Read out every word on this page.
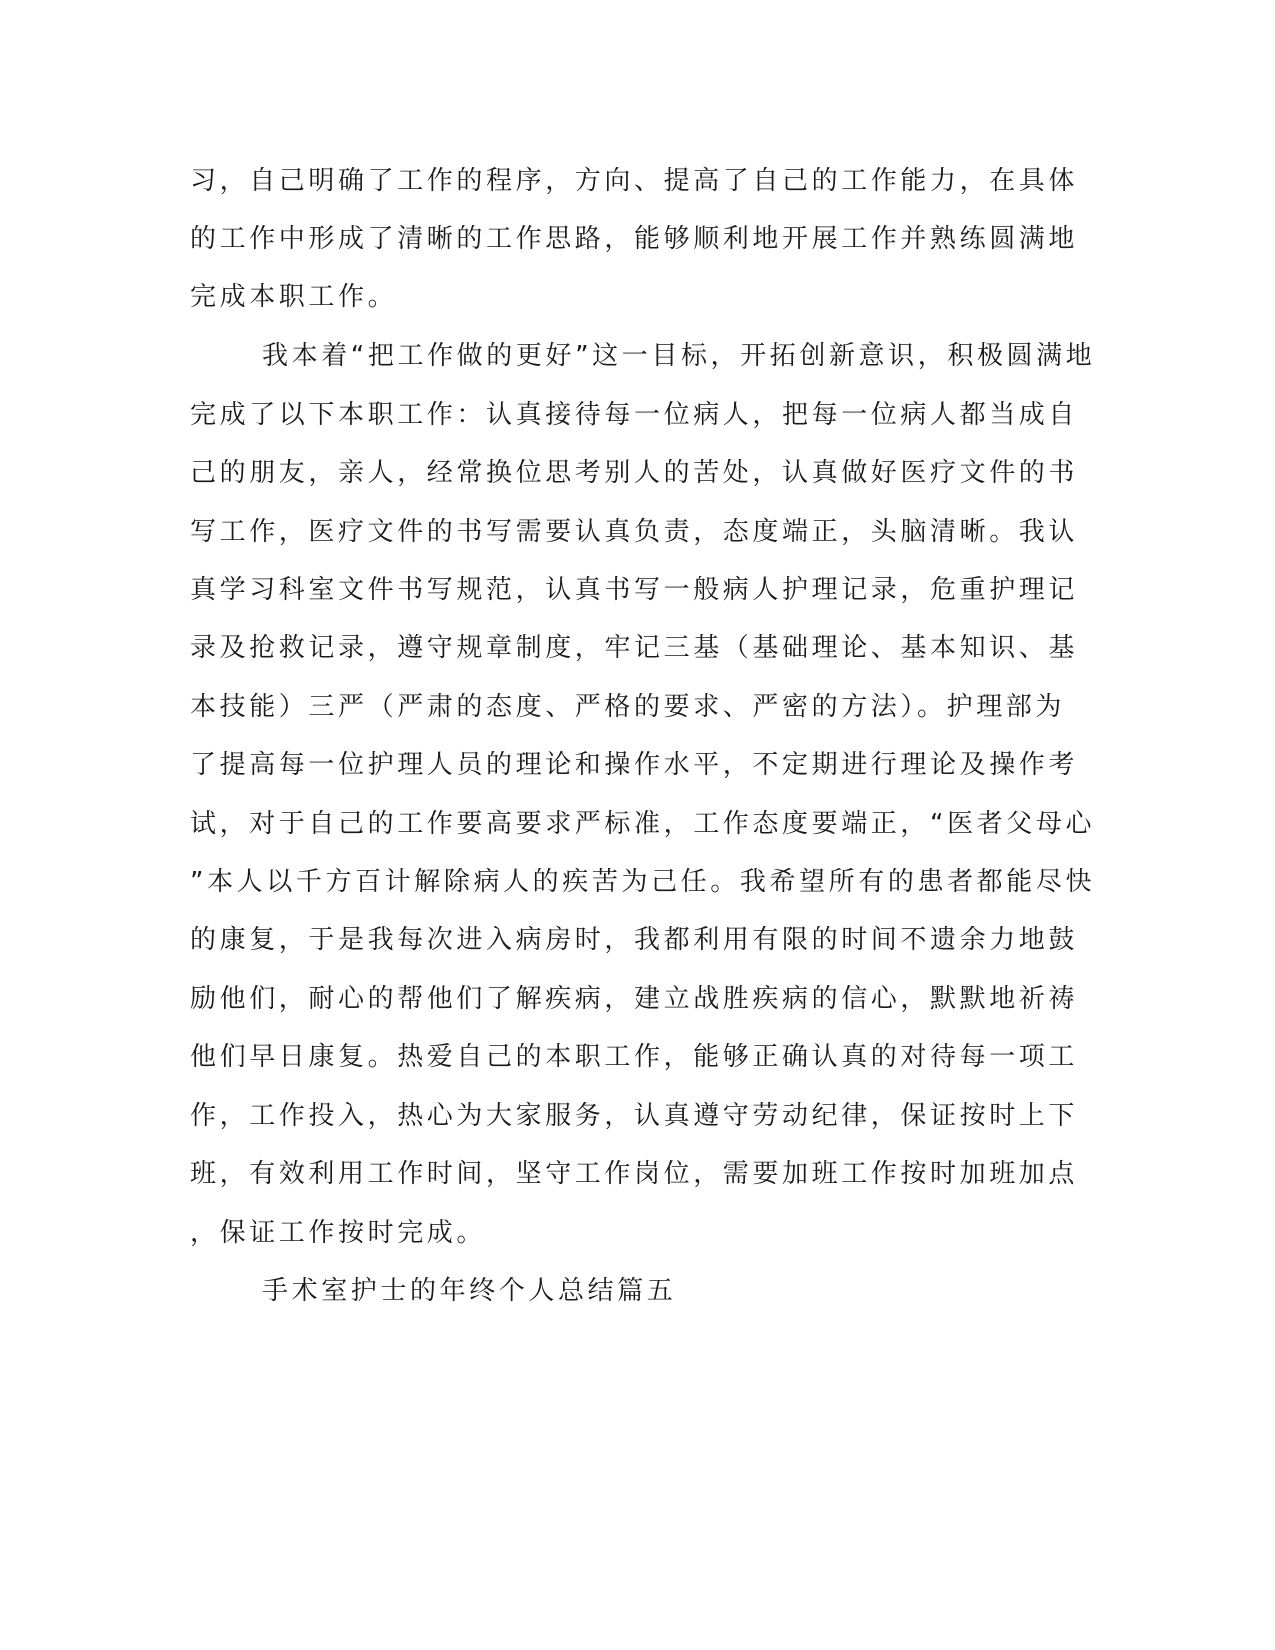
习，自己明确了工作的程序，方向、提高了自己的工作能力，在具体
的工作中形成了清晰的工作思路，能够顺利地开展工作并熟练圆满地
完成本职工作。
我本着“把工作做的更好”这一目标，开拓创新意识，积极圆满地
完成了以下本职工作：认真接待每一位病人，把每一位病人都当成自
己的朋友，亲人，经常换位思考别人的苦处，认真做好医疗文件的书
写工作，医疗文件的书写需要认真负责，态度端正，头脑清晰。我认
真学习科室文件书写规范，认真书写一般病人护理记录，危重护理记
录及抢救记录，遵守规章制度，牢记三基（基础理论、基本知识、基
本技能）三严（严肃的态度、严格的要求、严密的方法）。护理部为
了提高每一位护理人员的理论和操作水平，不定期进行理论及操作考
试，对于自己的工作要高要求严标准，工作态度要端正，“医者父母心
”本人以千方百计解除病人的疾苦为己任。我希望所有的患者都能尽快
的康复，于是我每次进入病房时，我都利用有限的时间不遗余力地鼓
励他们，耐心的帮他们了解疾病，建立战胜疾病的信心，默默地祈祷
他们早日康复。热爱自己的本职工作，能够正确认真的对待每一项工
作，工作投入，热心为大家服务，认真遵守劳动纪律，保证按时上下
班，有效利用工作时间，坚守工作岗位，需要加班工作按时加班加点
，保证工作按时完成。
手术室护士的年终个人总结篇五
